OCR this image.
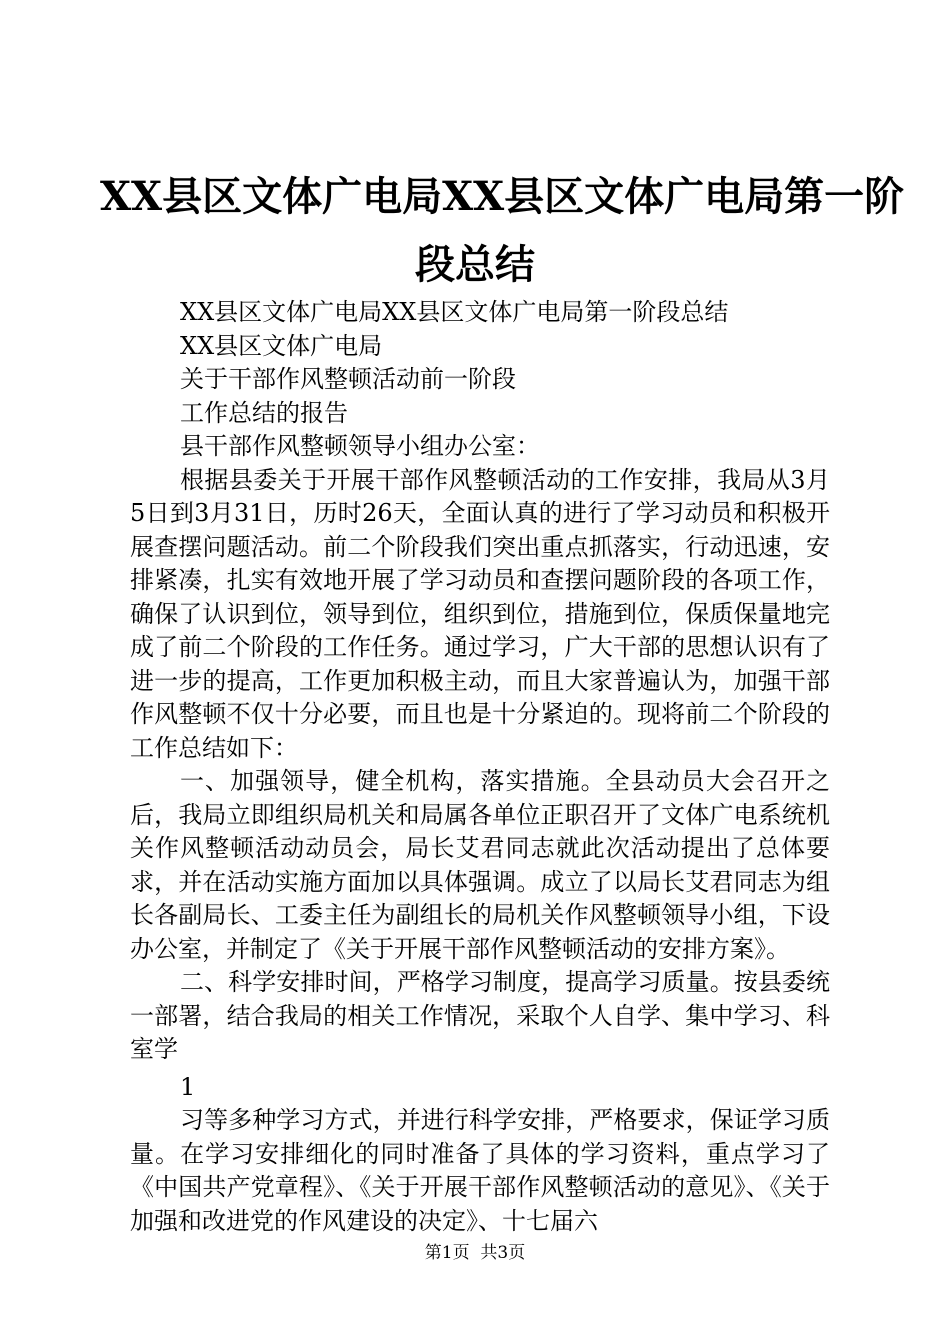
XX县区文体广电局XX县区文体广电局第一阶
段总结

XX县区文体广电局XX县区文体广电局第一阶段总结

XX县区文体广电局

关于干部作风整顿活动前一阶段

工作总结的报告

县干部作风整顿领导小组办公室：

根据县委关于开展干部作风整顿活动的工作安排，我局从3月5日到3月31日，历时26天，全面认真的进行了学习动员和积极开展查摆问题活动。前二个阶段我们突出重点抓落实，行动迅速，安排紧凑，扎实有效地开展了学习动员和查摆问题阶段的各项工作，确保了认识到位，领导到位，组织到位，措施到位，保质保量地完成了前二个阶段的工作任务。通过学习，广大干部的思想认识有了进一步的提高，工作更加积极主动，而且大家普遍认为，加强干部作风整顿不仅十分必要，而且也是十分紧迫的。现将前二个阶段的工作总结如下：

一、加强领导，健全机构，落实措施。全县动员大会召开之后，我局立即组织局机关和局属各单位正职召开了文体广电系统机关作风整顿活动动员会，局长艾君同志就此次活动提出了总体要求，并在活动实施方面加以具体强调。成立了以局长艾君同志为组长各副局长、工委主任为副组长的局机关作风整顿领导小组，下设办公室，并制定了《关于开展干部作风整顿活动的安排方案》。

二、科学安排时间，严格学习制度，提高学习质量。按县委统一部署，结合我局的相关工作情况，采取个人自学、集中学习、科室学

1

习等多种学习方式，并进行科学安排，严格要求，保证学习质量。在学习安排细化的同时准备了具体的学习资料，重点学习了《中国共产党章程》、《关于开展干部作风整顿活动的意见》、《关于加强和改进党的作风建设的决定》、十七届六

第1页  共3页
